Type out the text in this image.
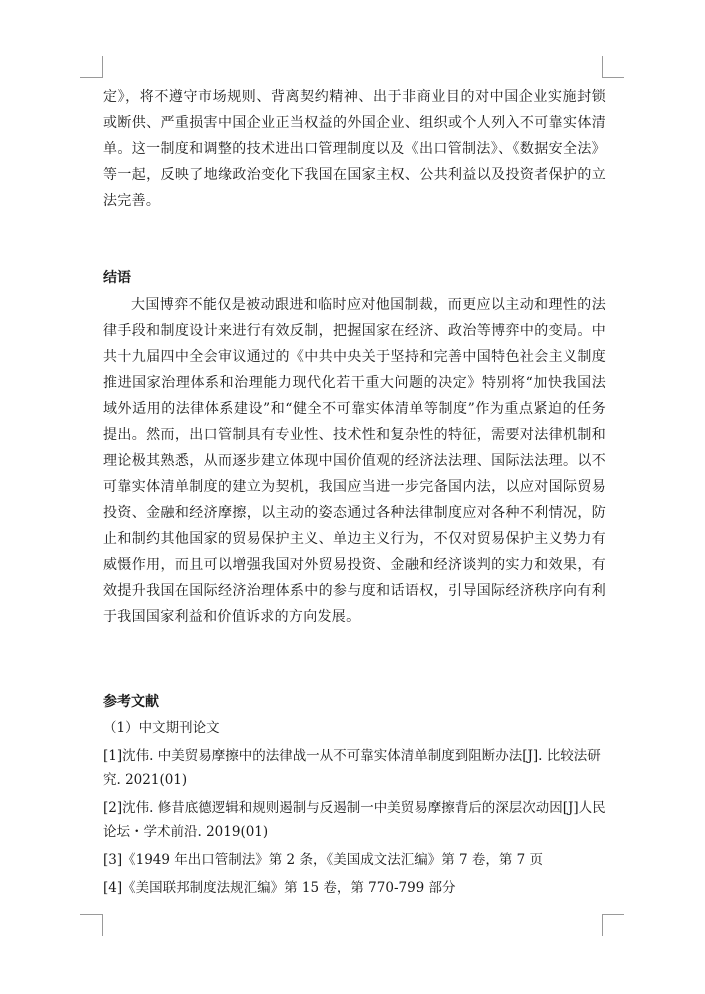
定》，将不遵守市场规则、背离契约精神、出于非商业目的对中国企业实施封锁或断供、严重损害中国企业正当权益的外国企业、组织或个人列入不可靠实体清单。这一制度和调整的技术进出口管理制度以及《出口管制法》、《数据安全法》等一起，反映了地缘政治变化下我国在国家主权、公共利益以及投资者保护的立法完善。

结语

大国博弈不能仅是被动跟进和临时应对他国制裁，而更应以主动和理性的法律手段和制度设计来进行有效反制，把握国家在经济、政治等博弈中的变局。中共十九届四中全会审议通过的《中共中央关于坚持和完善中国特色社会主义制度推进国家治理体系和治理能力现代化若干重大问题的决定》特别将“加快我国法域外适用的法律体系建设”和“健全不可靠实体清单等制度”作为重点紧迫的任务提出。然而，出口管制具有专业性、技术性和复杂性的特征，需要对法律机制和理论极其熟悉，从而逐步建立体现中国价值观的经济法法理、国际法法理。以不可靠实体清单制度的建立为契机，我国应当进一步完备国内法，以应对国际贸易投资、金融和经济摩擦，以主动的姿态通过各种法律制度应对各种不利情况，防止和制约其他国家的贸易保护主义、单边主义行为，不仅对贸易保护主义势力有威慑作用，而且可以增强我国对外贸易投资、金融和经济谈判的实力和效果，有效提升我国在国际经济治理体系中的参与度和话语权，引导国际经济秩序向有利于我国国家利益和价值诉求的方向发展。

参考文献

（1）中文期刊论文

[1]沈伟. 中美贸易摩擦中的法律战一从不可靠实体清单制度到阻断办法[J]. 比较法研究. 2021(01)

[2]沈伟. 修昔底德逻辑和规则遏制与反遏制一中美贸易摩擦背后的深层次动因[J]人民论坛・学术前沿. 2019(01)

[3]《1949 年出口管制法》第 2 条，《美国成文法汇编》第 7 卷，第 7 页

[4]《美国联邦制度法规汇编》第 15 卷，第 770-799 部分
